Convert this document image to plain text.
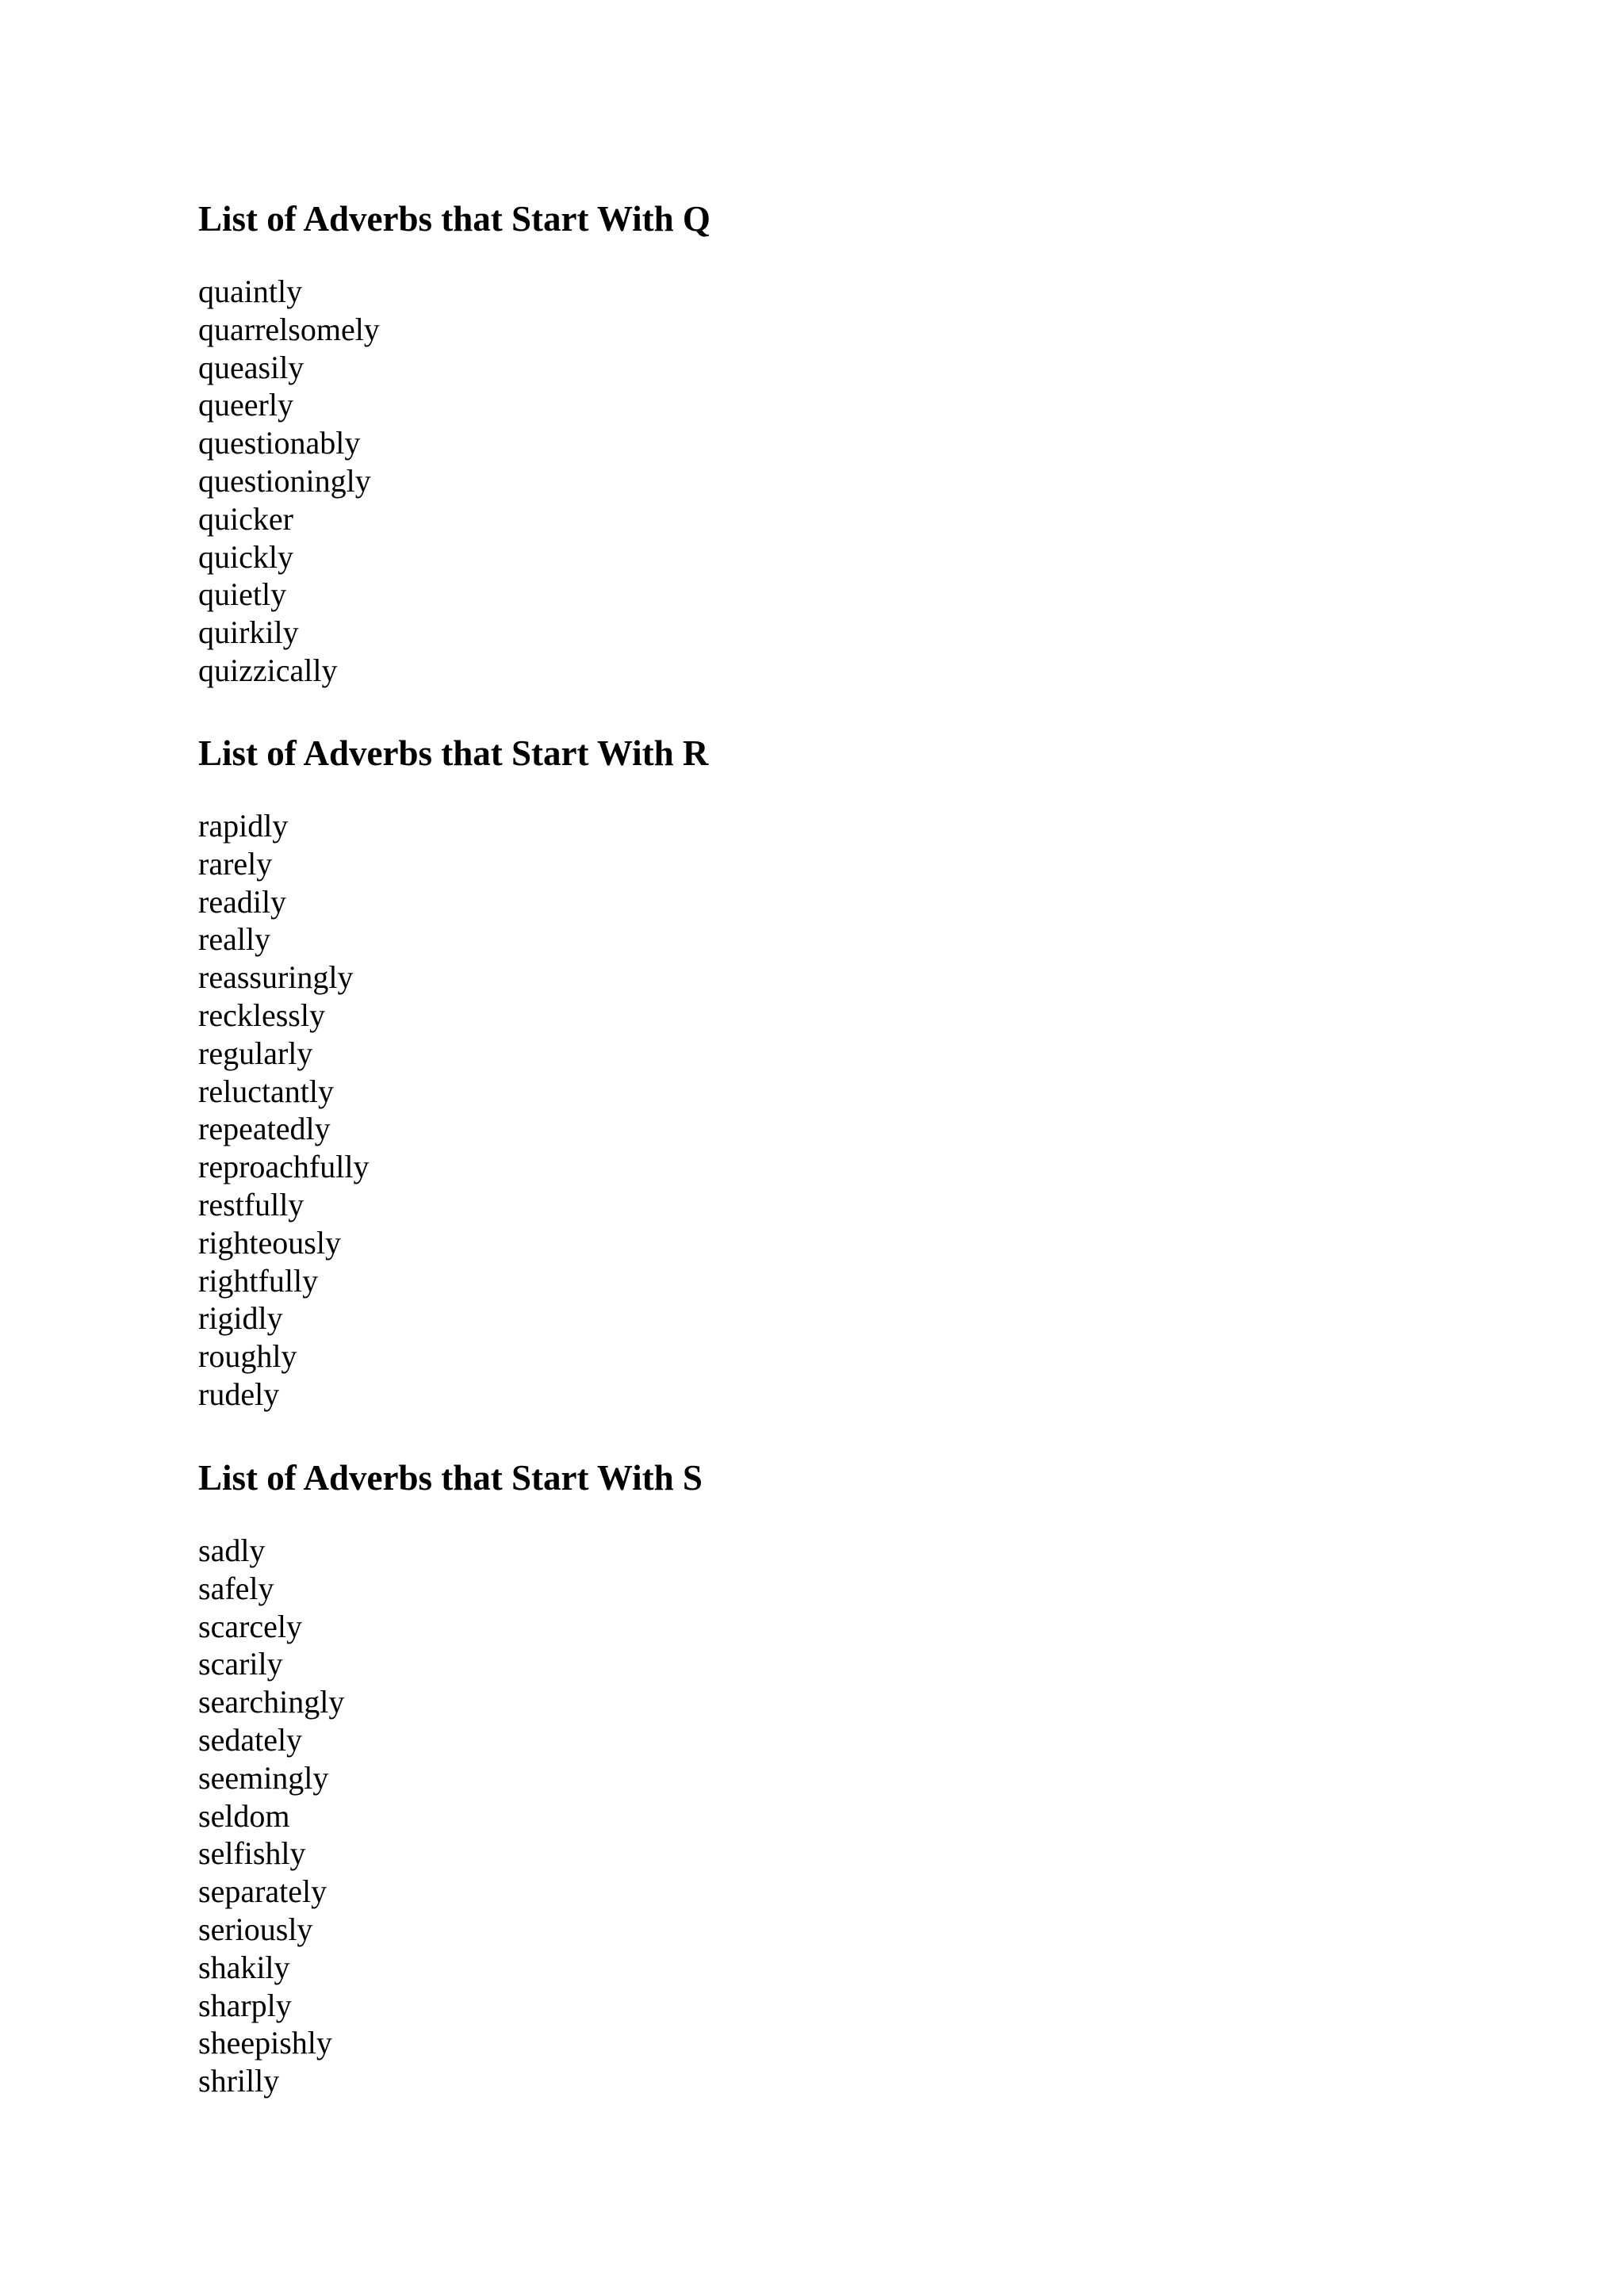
List of Adverbs that Start With Q
quaintly
quarrelsomely
queasily
queerly
questionably
questioningly
quicker
quickly
quietly
quirkily
quizzically
List of Adverbs that Start With R
rapidly
rarely
readily
really
reassuringly
recklessly
regularly
reluctantly
repeatedly
reproachfully
restfully
righteously
rightfully
rigidly
roughly
rudely
List of Adverbs that Start With S
sadly
safely
scarcely
scarily
searchingly
sedately
seemingly
seldom
selfishly
separately
seriously
shakily
sharply
sheepishly
shrilly
